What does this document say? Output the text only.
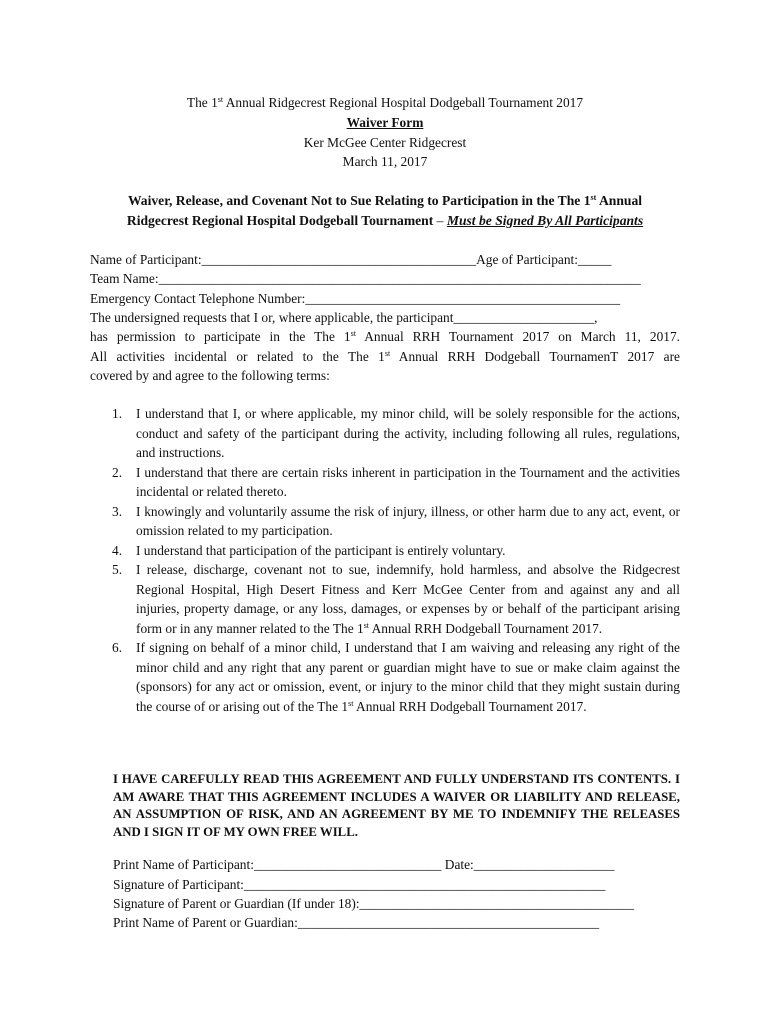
The 1st Annual Ridgecrest Regional Hospital Dodgeball Tournament 2017
Waiver Form
Ker McGee Center Ridgecrest
March 11, 2017
Waiver, Release, and Covenant Not to Sue Relating to Participation in the The 1st Annual
Ridgecrest Regional Hospital Dodgeball Tournament – Must be Signed By All Participants
Name of Participant:_________________________________________Age of Participant:_____
Team Name:________________________________________________________________________
Emergency Contact Telephone Number:_______________________________________________
The undersigned requests that I or, where applicable, the participant_____________________,
has permission to participate in the The 1st Annual RRH Tournament 2017 on March 11, 2017.
All activities incidental or related to the The 1st Annual RRH Dodgeball TournamenT 2017 are
covered by and agree to the following terms:
1. I understand that I, or where applicable, my minor child, will be solely responsible for the actions, conduct and safety of the participant during the activity, including following all rules, regulations, and instructions.
2. I understand that there are certain risks inherent in participation in the Tournament and the activities incidental or related thereto.
3. I knowingly and voluntarily assume the risk of injury, illness, or other harm due to any act, event, or omission related to my participation.
4. I understand that participation of the participant is entirely voluntary.
5. I release, discharge, covenant not to sue, indemnify, hold harmless, and absolve the Ridgecrest Regional Hospital, High Desert Fitness and Kerr McGee Center from and against any and all injuries, property damage, or any loss, damages, or expenses by or behalf of the participant arising form or in any manner related to the The 1st Annual RRH Dodgeball Tournament 2017.
6. If signing on behalf of a minor child, I understand that I am waiving and releasing any right of the minor child and any right that any parent or guardian might have to sue or make claim against the (sponsors) for any act or omission, event, or injury to the minor child that they might sustain during the course of or arising out of the The 1st Annual RRH Dodgeball Tournament 2017.
I HAVE CAREFULLY READ THIS AGREEMENT AND FULLY UNDERSTAND ITS CONTENTS. I AM AWARE THAT THIS AGREEMENT INCLUDES A WAIVER OR LIABILITY AND RELEASE, AN ASSUMPTION OF RISK, AND AN AGREEMENT BY ME TO INDEMNIFY THE RELEASES AND I SIGN IT OF MY OWN FREE WILL.
Print Name of Participant:____________________________ Date:_____________________
Signature of Participant:______________________________________________________
Signature of Parent or Guardian (If under 18):_________________________________________
Print Name of Parent or Guardian:_____________________________________________
